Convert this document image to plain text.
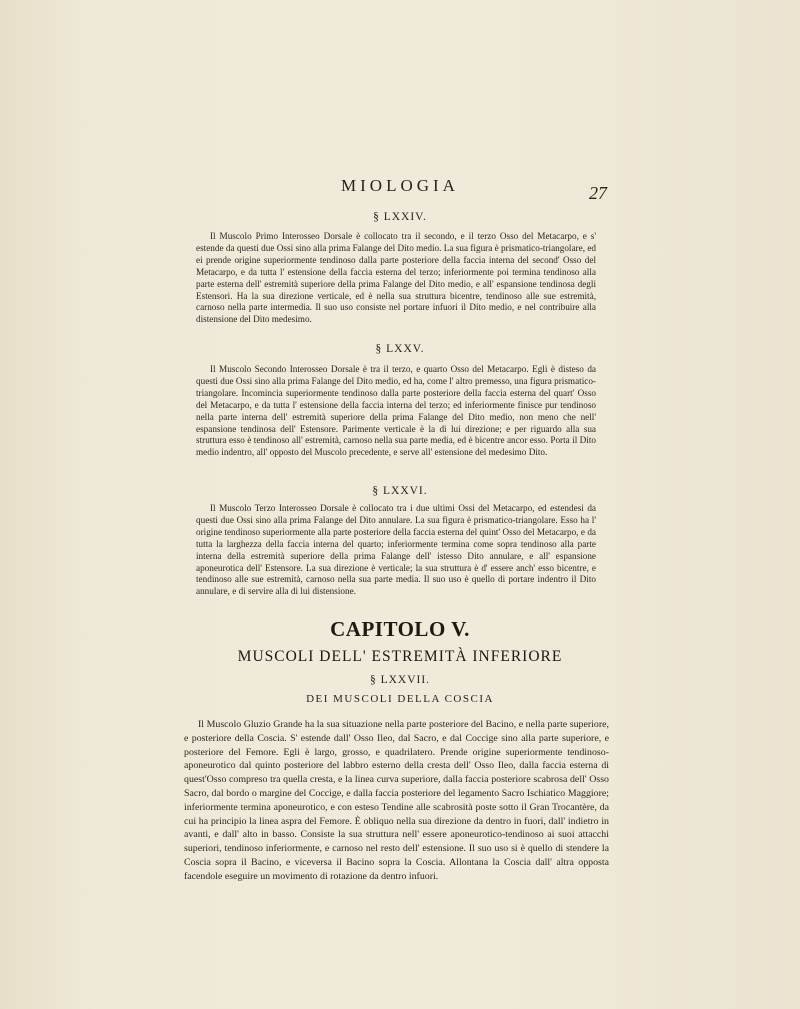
MIOLOGIA	27
§ LXXIV.

Il Muscolo Primo Interosseo Dorsale è collocato tra il secondo, e il terzo Osso del Metacarpo, e s' estende da questi due Ossi sino alla prima Falange del Dito medio. La sua figura è prismatico-triangolare, ed ei prende origine superiormente tendinoso dalla parte posteriore della faccia interna del second' Osso del Metacarpo, e da tutta l' estensione della faccia esterna del terzo; inferiormente poi termina tendinoso alla parte esterna dell' estremità superiore della prima Falange del Dito medio, e all' espansione tendinosa degli Estensori. Ha la sua direzione verticale, ed è nella sua struttura bicentre, tendinoso alle sue estremità, carnoso nella parte intermedia. Il suo uso consiste nel portare infuori il Dito medio, e nel contribuire alla distensione del Dito medesimo.

§ LXXV.

Il Muscolo Secondo Interosseo Dorsale è tra il terzo, e quarto Osso del Metacarpo. Egli è disteso da questi due Ossi sino alla prima Falange del Dito medio, ed ha, come l' altro premesso, una figura prismatico-triangolare. Incomincia superiormente tendinoso dalla parte posteriore della faccia esterna del quart' Osso del Metacarpo, e da tutta l' estensione della faccia interna del terzo; ed inferiormente finisce pur tendinoso nella parte interna dell' estremità superiore della prima Falange del Dito medio, non meno che nell' espansione tendinosa dell' Estensore. Parimente verticale è la di lui direzione; e per riguardo alla sua struttura esso è tendinoso all' estremità, carnoso nella sua parte media, ed è bicentre ancor esso. Porta il Dito medio indentro, all' opposto del Muscolo precedente, e serve all' estensione del medesimo Dito.

§ LXXVI.

Il Muscolo Terzo Interosseo Dorsale è collocato tra i due ultimi Ossi del Metacarpo, ed estendesi da questi due Ossi sino alla prima Falange del Dito annulare. La sua figura è prismatico-triangolare. Esso ha l' origine tendinoso superiormente alla parte posteriore della faccia esterna del quint' Osso del Metacarpo, e da tutta la larghezza della faccia interna del quarto; inferiormente termina come sopra tendinoso alla parte interna della estremità superiore della prima Falange dell' istesso Dito annulare, e all' espansione aponeurotica dell' Estensore. La sua direzione è verticale; la sua struttura è d' essere anch' esso bicentre, e tendinoso alle sue estremità, carnoso nella sua parte media. Il suo uso è quello di portare indentro il Dito annulare, e di servire alla di lui distensione.

CAPITOLO V.
MUSCOLI DELL' ESTREMITÀ INFERIORE
§ LXXVII.
DEI MUSCOLI DELLA COSCIA

Il Muscolo Gluzio Grande ha la sua situazione nella parte posteriore del Bacino, e nella parte superiore, e posteriore della Coscia. S' estende dall' Osso Ileo, dal Sacro, e dal Coccige sino alla parte superiore, e posteriore del Femore. Egli è largo, grosso, e quadrilatero. Prende origine superiormente tendinoso-aponeurotico dal quinto posteriore del labbro esterno della cresta dell' Osso Ileo, dalla faccia esterna di quest'Osso compreso tra quella cresta, e la linea curva superiore, dalla faccia posteriore scabrosa dell' Osso Sacro, dal bordo o margine del Coccige, e dalla faccia posteriore del legamento Sacro Ischiatico Maggiore; inferiormente termina aponeurotico, e con esteso Tendine alle scabrosità poste sotto il Gran Trocantère, da cui ha principio la linea aspra del Femore. È obliquo nella sua direzione da dentro in fuori, dall' indietro in avanti, e dall' alto in basso. Consiste la sua struttura nell' essere aponeurotico-tendinoso ai suoi attacchi superiori, tendinoso inferiormente, e carnoso nel resto dell' estensione. Il suo uso si è quello di stendere la Coscia sopra il Bacino, e viceversa il Bacino sopra la Coscia. Allontana la Coscia dall' altra opposta facendole eseguire un movimento di rotazione da dentro infuori.
